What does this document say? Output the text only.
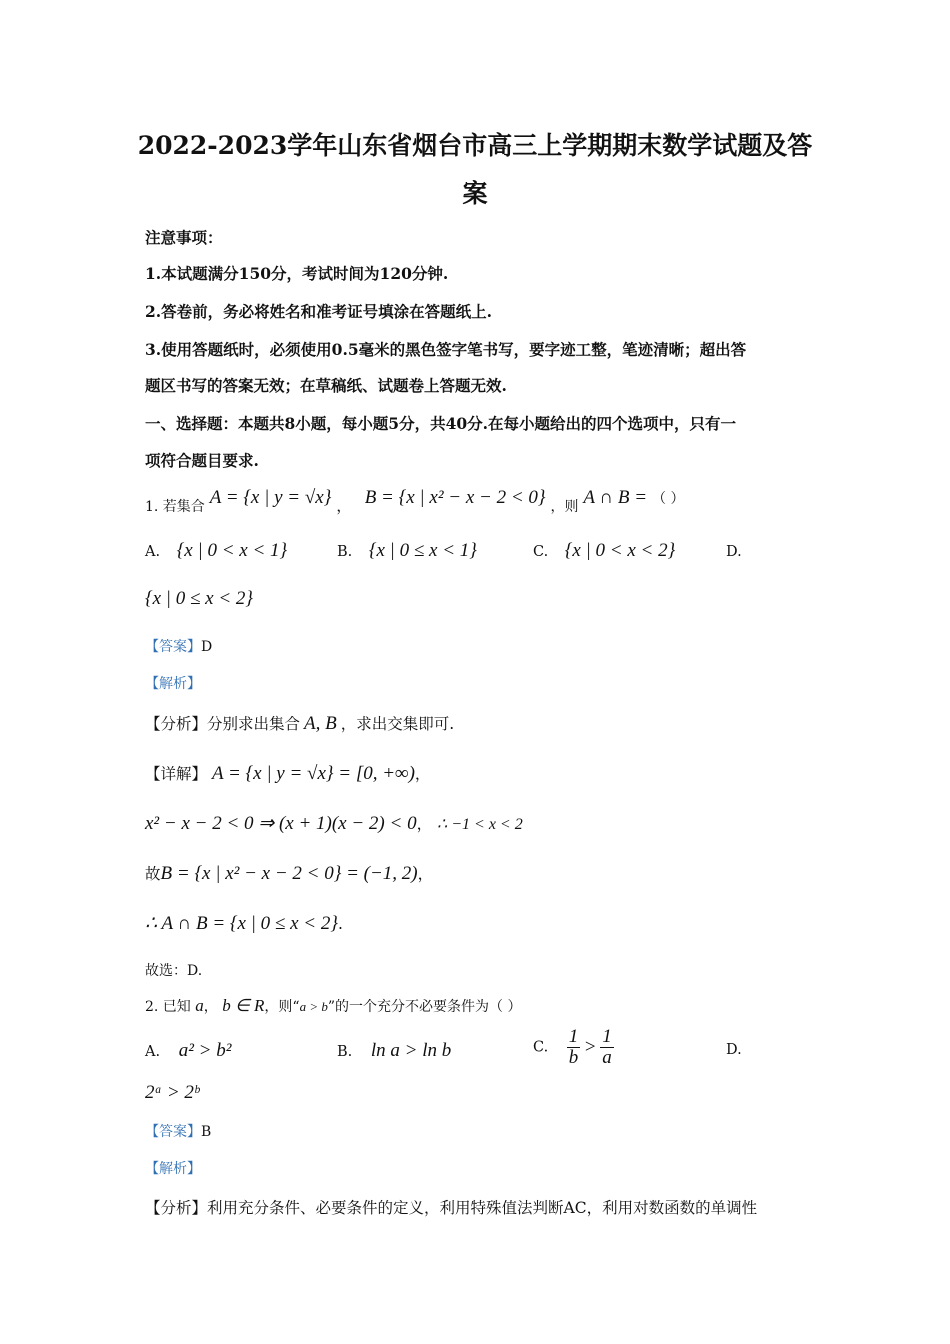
2022-2023学年山东省烟台市高三上学期期末数学试题及答
案
注意事项：
1.本试题满分150分，考试时间为120分钟.
2.答卷前，务必将姓名和准考证号填涂在答题纸上.
3.使用答题纸时，必须使用0.5毫米的黑色签字笔书写，要字迹工整，笔迹清晰；超出答
题区书写的答案无效；在草稿纸、试题卷上答题无效.
一、选择题：本题共8小题，每小题5分，共40分.在每小题给出的四个选项中，只有一
项符合题目要求.
1. 若集合 A = {x | y = √x} ， B = {x | x² − x − 2 < 0} ，则 A ∩ B = （ ）
A. {x | 0 < x < 1}	B. {x | 0 ≤ x < 1}	C. {x | 0 < x < 2}	D.
{x | 0 ≤ x < 2}
【答案】D
【解析】
【分析】分别求出集合 A, B ，求出交集即可.
【详解】 A = {x | y = √x} = [0, +∞)，
x² − x − 2 < 0 ⇒ (x + 1)(x − 2) < 0， ∴ −1 < x < 2
故B = {x | x² − x − 2 < 0} = (−1, 2)，
∴ A ∩ B = {x | 0 ≤ x < 2}.
故选：D.
2. 已知 a， b ∈ R，则“a > b”的一个充分不必要条件为（ ）
A. a² > b²	B. ln a > ln b	C. $\frac{1}{b} > \frac{1}{a}$	D.
2ᵃ > 2ᵇ
【答案】B
【解析】
【分析】利用充分条件、必要条件的定义，利用特殊值法判断AC，利用对数函数的单调性
